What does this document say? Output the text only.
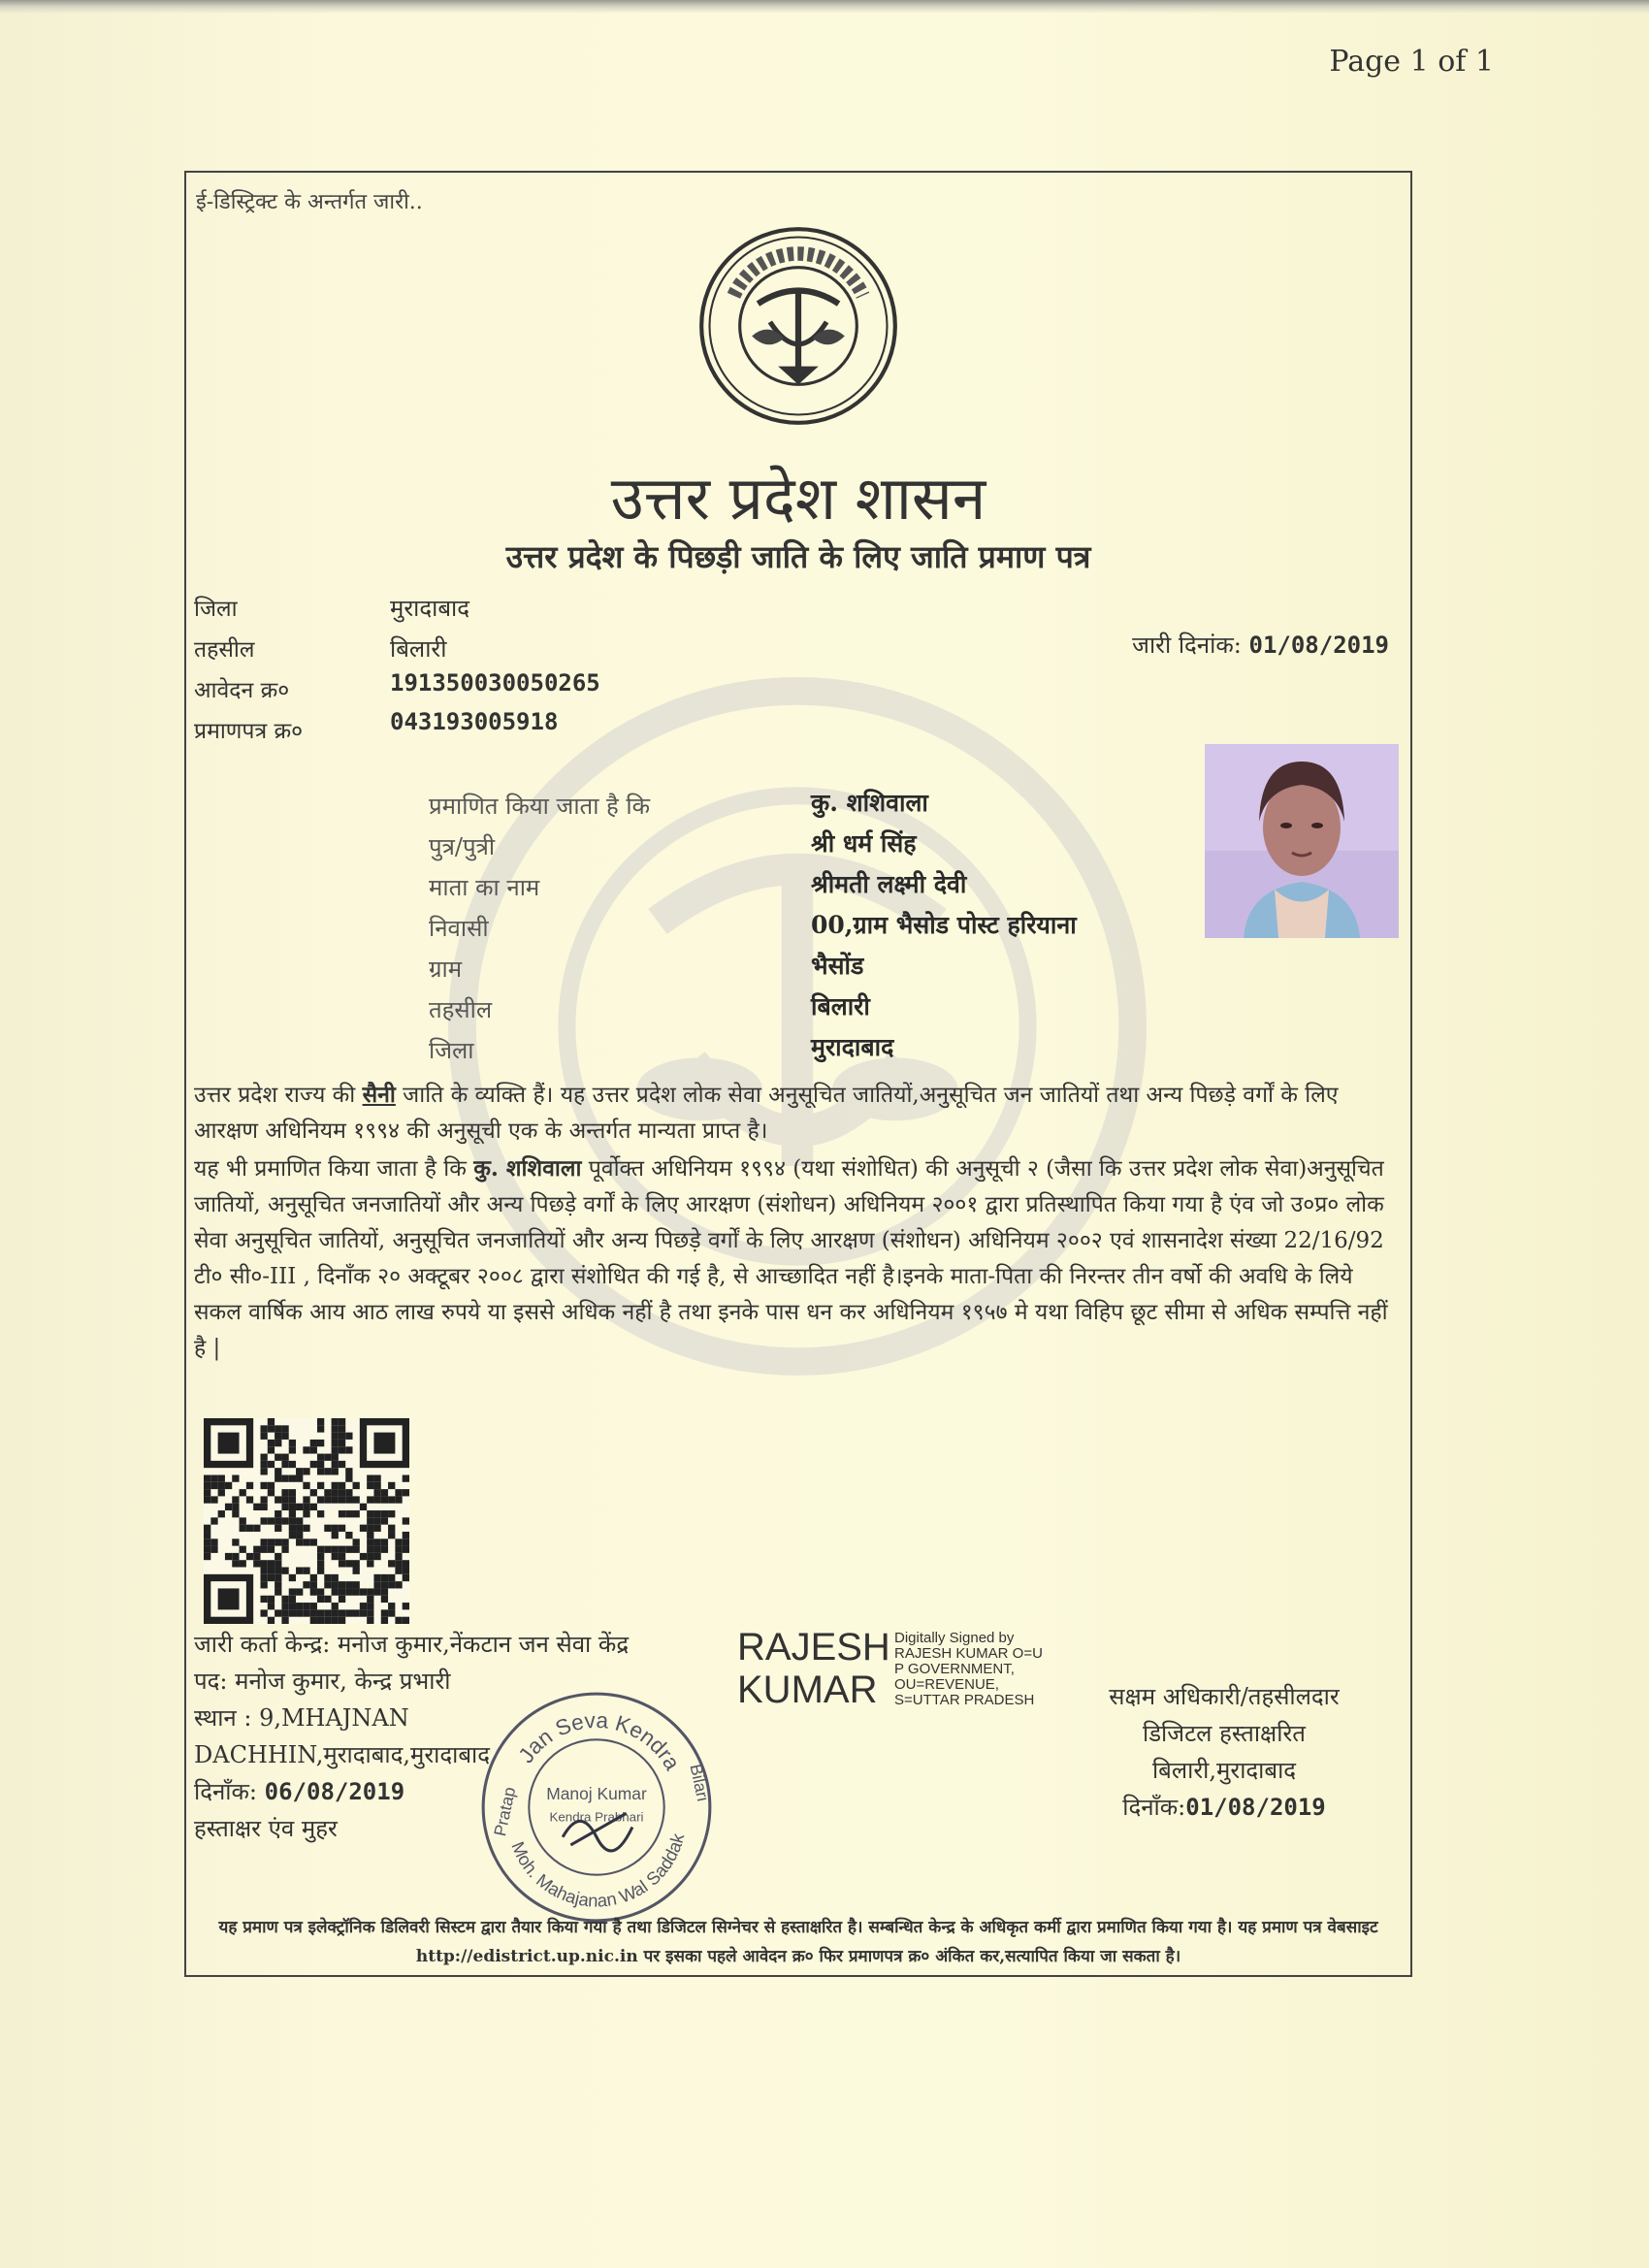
Page 1 of 1
ई-डिस्ट्रिक्ट के अन्तर्गत जारी..
उत्तर प्रदेश शासन
उत्तर प्रदेश के पिछड़ी जाति के लिए जाति प्रमाण पत्र
जिला	मुरादाबाद
तहसील	बिलारी
आवेदन क्र०	191350030050265
प्रमाणपत्र क्र०	043193005918
जारी दिनांक: 01/08/2019
प्रमाणित किया जाता है कि	कु. शशिवाला
पुत्र/पुत्री	श्री धर्म सिंह
माता का नाम	श्रीमती लक्ष्मी देवी
निवासी	00,ग्राम भैसोड पोस्ट हरियाना
ग्राम	भैसोंड
तहसील	बिलारी
जिला	मुरादाबाद
उत्तर प्रदेश राज्य की सैनी जाति के व्यक्ति हैं। यह उत्तर प्रदेश लोक सेवा अनुसूचित जातियों,अनुसूचित जन जातियों तथा अन्य पिछड़े वर्गों के लिए आरक्षण अधिनियम १९९४ की अनुसूची एक के अन्तर्गत मान्यता प्राप्त है।
यह भी प्रमाणित किया जाता है कि कु. शशिवाला पूर्वोक्त अधिनियम १९९४ (यथा संशोधित) की अनुसूची २ (जैसा कि उत्तर प्रदेश लोक सेवा)अनुसूचित जातियों, अनुसूचित जनजातियों और अन्य पिछड़े वर्गों के लिए आरक्षण (संशोधन) अधिनियम २००१ द्वारा प्रतिस्थापित किया गया है एंव जो उ०प्र० लोक सेवा अनुसूचित जातियों, अनुसूचित जनजातियों और अन्य पिछड़े वर्गों के लिए आरक्षण (संशोधन) अधिनियम २००२ एवं शासनादेश संख्या 22/16/92 टी० सी०-III , दिनाँक २० अक्टूबर २००८ द्वारा संशोधित की गई है, से आच्छादित नहीं है।इनके माता-पिता की निरन्तर तीन वर्षो की अवधि के लिये सकल वार्षिक आय आठ लाख रुपये या इससे अधिक नहीं है तथा इनके पास धन कर अधिनियम १९५७ मे यथा विहिप छूट सीमा से अधिक सम्पत्ति नहीं है |
जारी कर्ता केन्द्र: मनोज कुमार,नेंकटान जन सेवा केंद्र
पद: मनोज कुमार, केन्द्र प्रभारी
स्थान : 9,MHAJNAN
DACHHIN,मुरादाबाद,मुरादाबाद
दिनाँक: 06/08/2019
हस्ताक्षर एंव मुहर
Jan Seva Kendra
Moh. Mahajanan Wal Saddak
Pratap
Bilari
Manoj Kumar
Kendra Prabhari
RAJESH
KUMAR
Digitally Signed by
RAJESH KUMAR O=U
P GOVERNMENT,
OU=REVENUE,
S=UTTAR PRADESH	सक्षम अधिकारी/तहसीलदार
डिजिटल हस्ताक्षरित
बिलारी,मुरादाबाद
दिनाँक:01/08/2019
यह प्रमाण पत्र इलेक्ट्रॉनिक डिलिवरी सिस्टम द्वारा तैयार किया गया है तथा डिजिटल सिग्नेचर से हस्ताक्षरित है। सम्बन्धित केन्द्र के अधिकृत कर्मी द्वारा प्रमाणित किया गया है। यह प्रमाण पत्र वेबसाइट http://edistrict.up.nic.in पर इसका पहले आवेदन क्र० फिर प्रमाणपत्र क्र० अंकित कर,सत्यापित किया जा सकता है।
